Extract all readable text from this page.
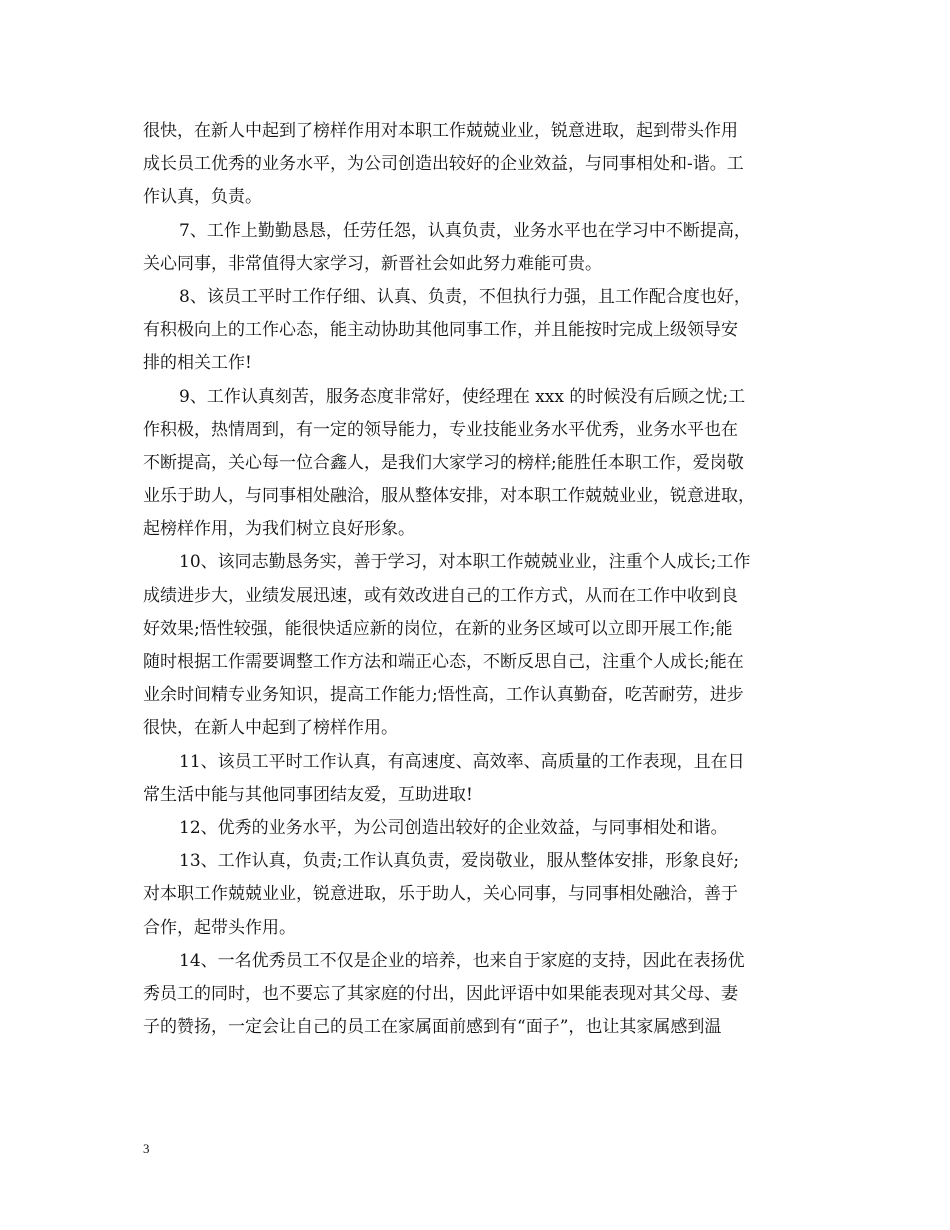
很快，在新人中起到了榜样作用对本职工作兢兢业业，锐意进取，起到带头作用
成长员工优秀的业务水平，为公司创造出较好的企业效益，与同事相处和-谐。工
作认真，负责。
7、工作上勤勤恳恳，任劳任怨，认真负责，业务水平也在学习中不断提高，
关心同事，非常值得大家学习，新晋社会如此努力难能可贵。
8、该员工平时工作仔细、认真、负责，不但执行力强，且工作配合度也好，
有积极向上的工作心态，能主动协助其他同事工作，并且能按时完成上级领导安
排的相关工作!
9、工作认真刻苦，服务态度非常好，使经理在 xxx 的时候没有后顾之忧;工
作积极，热情周到，有一定的领导能力，专业技能业务水平优秀，业务水平也在
不断提高，关心每一位合鑫人，是我们大家学习的榜样;能胜任本职工作，爱岗敬
业乐于助人，与同事相处融洽，服从整体安排，对本职工作兢兢业业，锐意进取，
起榜样作用，为我们树立良好形象。
10、该同志勤恳务实，善于学习，对本职工作兢兢业业，注重个人成长;工作
成绩进步大，业绩发展迅速，或有效改进自己的工作方式，从而在工作中收到良
好效果;悟性较强，能很快适应新的岗位，在新的业务区域可以立即开展工作;能
随时根据工作需要调整工作方法和端正心态，不断反思自己，注重个人成长;能在
业余时间精专业务知识，提高工作能力;悟性高，工作认真勤奋，吃苦耐劳，进步
很快，在新人中起到了榜样作用。
11、该员工平时工作认真，有高速度、高效率、高质量的工作表现，且在日
常生活中能与其他同事团结友爱，互助进取!
12、优秀的业务水平，为公司创造出较好的企业效益，与同事相处和谐。
13、工作认真，负责;工作认真负责，爱岗敬业，服从整体安排，形象良好;
对本职工作兢兢业业，锐意进取，乐于助人，关心同事，与同事相处融洽，善于
合作，起带头作用。
14、一名优秀员工不仅是企业的培养，也来自于家庭的支持，因此在表扬优
秀员工的同时，也不要忘了其家庭的付出，因此评语中如果能表现对其父母、妻
子的赞扬，一定会让自己的员工在家属面前感到有“面子”，也让其家属感到温
3
